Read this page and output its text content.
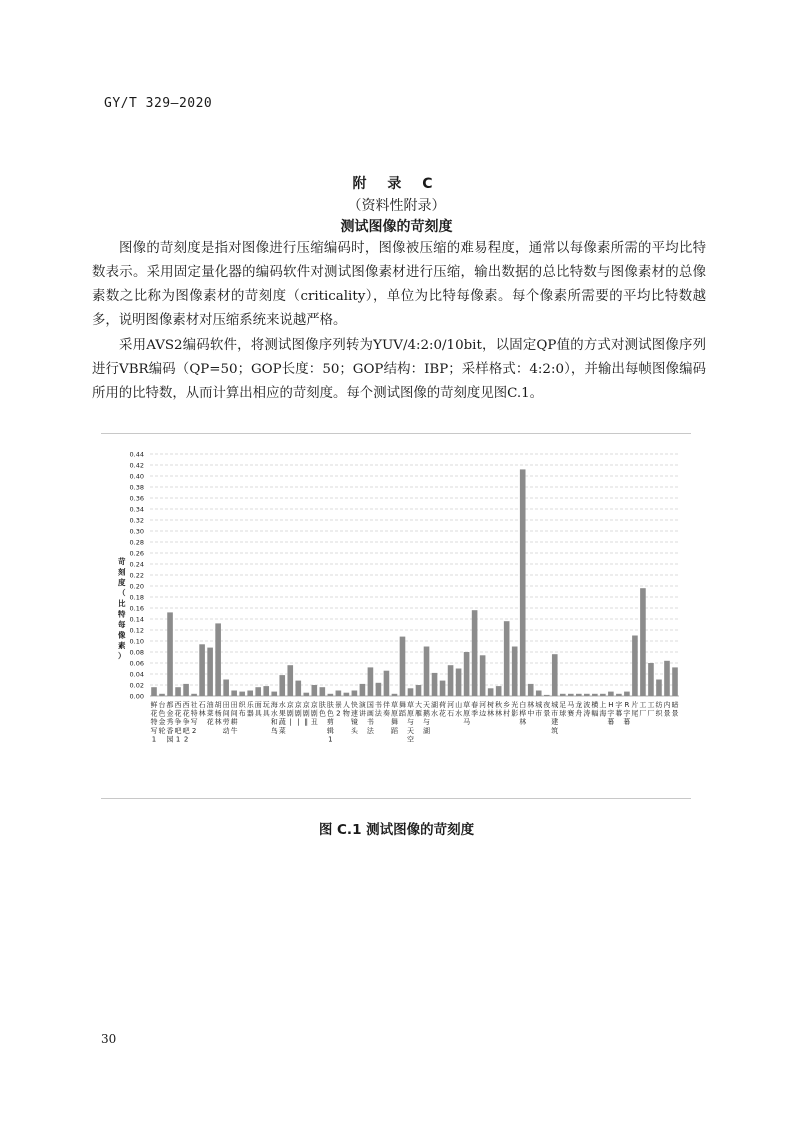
GY/T 329—2020
附 录 C
（资料性附录）
测试图像的苛刻度
图像的苛刻度是指对图像进行压缩编码时，图像被压缩的难易程度，通常以每像素所需的平均比特数表示。采用固定量化器的编码软件对测试图像素材进行压缩，输出数据的总比特数与图像素材的总像素数之比称为图像素材的苛刻度（criticality），单位为比特每像素。每个像素所需要的平均比特数越多，说明图像素材对压缩系统来说越严格。
采用AVS2编码软件，将测试图像序列转为YUV/4:2:0/10bit，以固定QP值的方式对测试图像序列进行VBR编码（QP=50；GOP长度：50；GOP结构：IBP；采样格式：4:2:0），并输出每帧图像编码所用的比特数，从而计算出相应的苛刻度。每个测试图像的苛刻度见图C.1。
0.00
0.02
0.04
0.06
0.08
0.10
0.12
0.14
0.16
0.18
0.20
0.22
0.24
0.26
0.28
0.30
0.32
0.34
0.36
0.38
0.40
0.42
0.44
苛刻度（比特每像素）
鲜花特写 1
台色金轮
都金秀香园
西花争吧 1
西花争吧 2
社特写 2
石林
油菜花
胡杨林
田间劳动
田间耕牛
织布
乐器
面具
玩具
海水和鸟
水果蔬菜
京剧|
京剧|
京剧‖
京剧丑
肤色
肤色剪辑 1
景 2
人物
快速镜头
演讲
国画书法
书法
伴奏
草原舞蹈
舞蹈
草原与天空
大雁
天鹅与湖
湖水
荷花
河石
山水
草原马
春季
河边
树林
秋林
乡村
光影
白桦林
林中
城市
夜景
城市建筑
足球
马赛
龙舟
波涛
横幅
上海
H 字幕
字幕
R 字幕
片尾
工厂
工厂
纺织
内景
暗景
图 C.1 测试图像的苛刻度
30
